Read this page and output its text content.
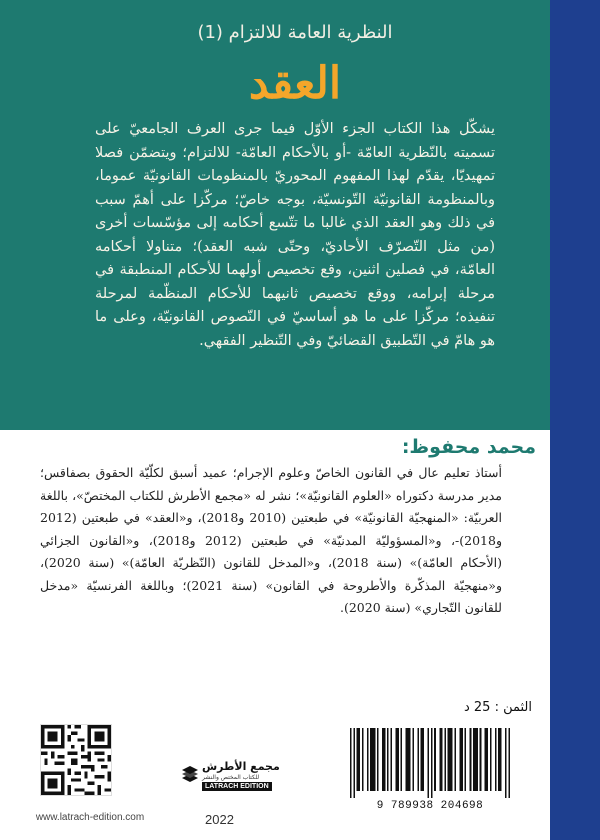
النظرية العامة للالتزام (1)
العقد
يشكّل هذا الكتاب الجزء الأوّل فيما جرى العرف الجامعيّ على تسميته بالنّظرية العامّة -أو بالأحكام العامّة- للالتزام؛ ويتضمّن فصلا تمهيديّا، يقدّم لهذا المفهوم المحوريّ بالمنظومات القانونيّة عموما، وبالمنظومة القانونيّة التّونسيّة، بوجه خاصّ؛ مركّزا على أهمّ سبب في ذلك وهو العقد الذي غالبا ما تتّسع أحكامه إلى مؤسّسات أخرى (من مثل التّصرّف الأحاديّ، وحتّى شبه العقد)؛ متناولا أحكامه العامّة، في فصلين اثنين، وقع تخصيص أولهما للأحكام المنطبقة في مرحلة إبرامه، ووقع تخصيص ثانيهما للأحكام المنظّمة لمرحلة تنفيذه؛ مركّزا على ما هو أساسيّ في النّصوص القانونيّة، وعلى ما هو هامّ في التّطبيق القضائيّ وفي التّنظير الفقهي.
محمد محفوظ:
أستاذ تعليم عال في القانون الخاصّ وعلوم الإجرام؛ عميد أسبق لكلّيّة الحقوق بصفاقس؛ مدير مدرسة دكتوراه «العلوم القانونيّة»؛ نشر له «مجمع الأطرش للكتاب المختصّ»، باللغة العربيّة: «المنهجيّة القانونيّة» في طبعتين (2010 و2018)، و«العقد» في طبعتين (2012 و2018)-، و«المسؤوليّة المدنيّة» في طبعتين (2012 و2018)، و«القانون الجزائي (الأحكام العامّة)» (سنة 2018)، و«المدخل للقانون (النّظريّة العامّة)» (سنة 2020)، و«منهجيّة المذكّرة والأطروحة في القانون» (سنة 2021)؛ وباللغة الفرنسيّة «مدخل للقانون التّجاري» (سنة 2020).
الثمن : 25 د
www.latrach-edition.com
مجمع الأطرش
للكتاب المختص والنشر
LATRACH EDITION
2022
9 789938 204698
